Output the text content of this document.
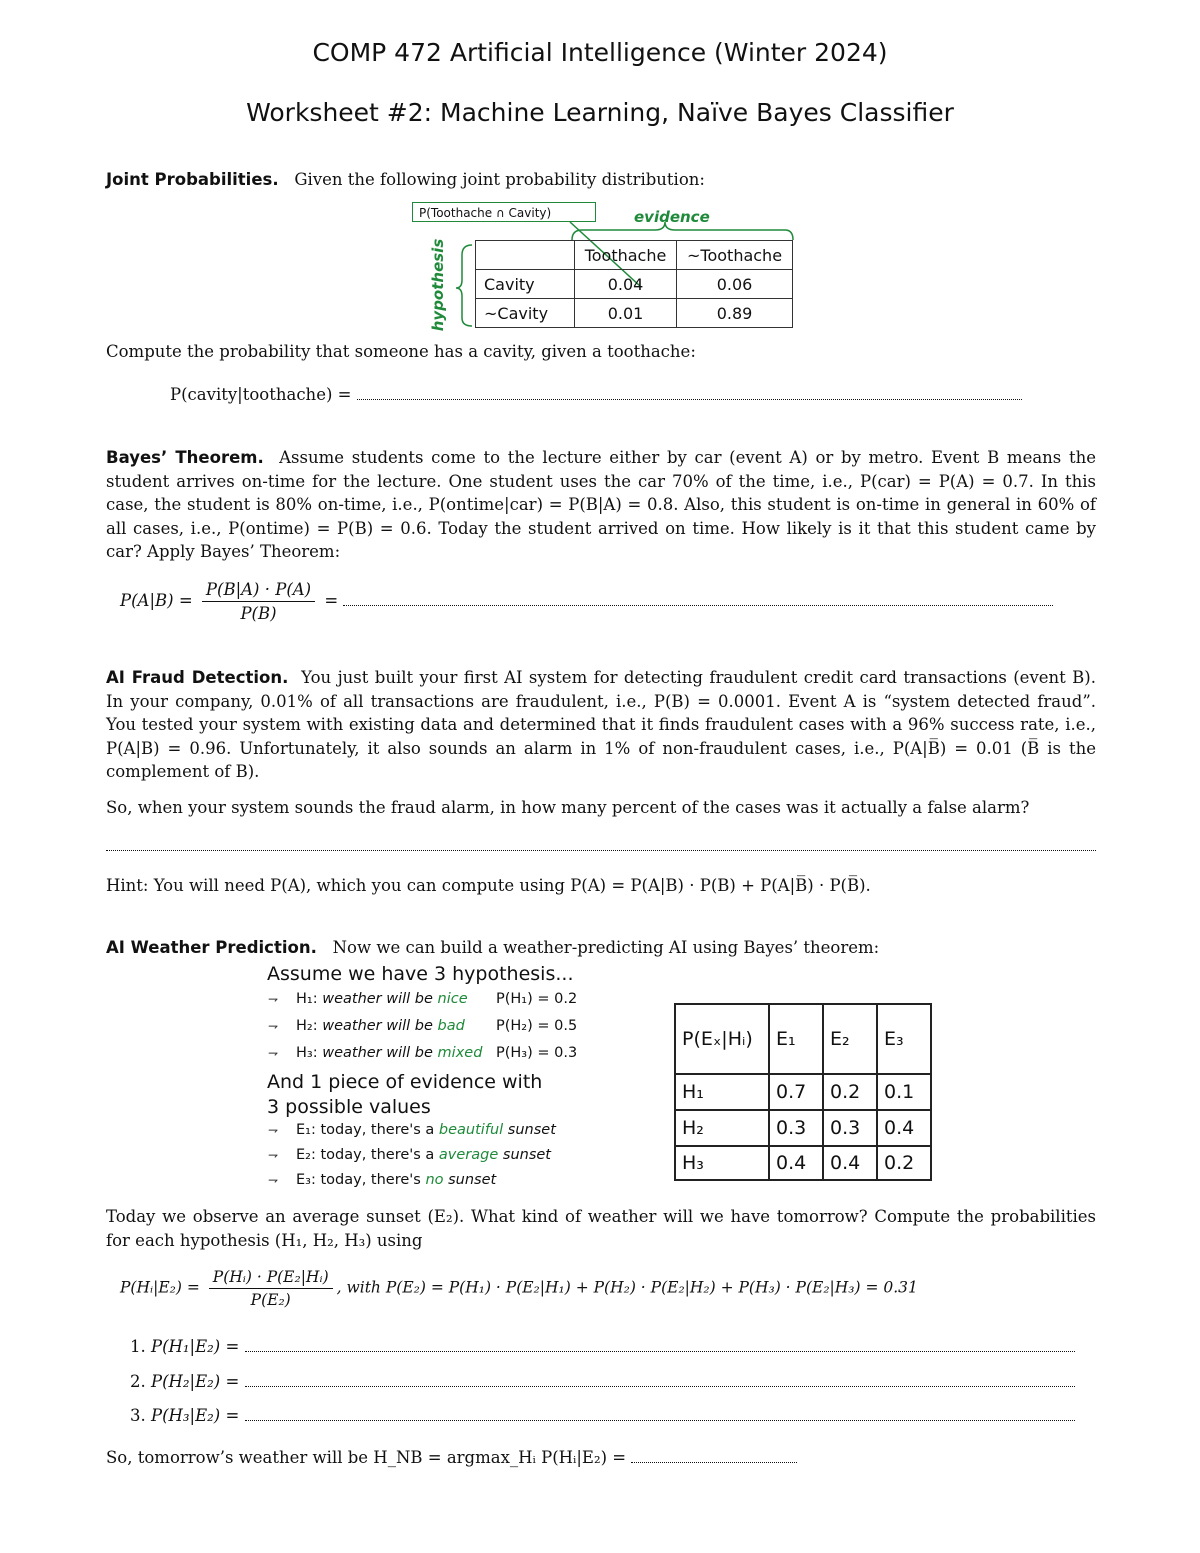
COMP 472 Artificial Intelligence (Winter 2024)
Worksheet #2: Machine Learning, Naïve Bayes Classifier
Joint Probabilities. Given the following joint probability distribution:
P(Toothache ∩ Cavity)	evidence
hypothesis
		Toothache	~Toothache
Cavity	0.04	0.06
~Cavity	0.01	0.89
Compute the probability that someone has a cavity, given a toothache:
P(cavity|toothache) =

Bayes’ Theorem. Assume students come to the lecture either by car (event A) or by metro. Event B means the student arrives on-time for the lecture. One student uses the car 70% of the time, i.e., P(car) = P(A) = 0.7. In this case, the student is 80% on-time, i.e., P(ontime|car) = P(B|A) = 0.8. Also, this student is on-time in general in 60% of all cases, i.e., P(ontime) = P(B) = 0.6. Today the student arrived on time. How likely is it that this student came by car? Apply Bayes’ Theorem:

$P(A|B) = \frac{P(B|A) \cdot P(A)}{P(B)}$ =

AI Fraud Detection. You just built your first AI system for detecting fraudulent credit card transactions (event B). In your company, 0.01% of all transactions are fraudulent, i.e., P(B) = 0.0001. Event A is “system detected fraud”. You tested your system with existing data and determined that it finds fraudulent cases with a 96% success rate, i.e., P(A|B) = 0.96. Unfortunately, it also sounds an alarm in 1% of non-fraudulent cases, i.e., P(A|B̅) = 0.01 (B̅ is the complement of B).

So, when your system sounds the fraud alarm, in how many percent of the cases was it actually a false alarm?
Hint: You will need P(A), which you can compute using P(A) = P(A|B) · P(B) + P(A|B̅) · P(B̅).
AI Weather Prediction. Now we can build a weather-predicting AI using Bayes’ theorem:
Assume we have 3 hypothesis...
⇁ H₁: weather will be nice P(H₁) = 0.2
⇁ H₂: weather will be bad P(H₂) = 0.5
⇁ H₃: weather will be mixed P(H₃) = 0.3
And 1 piece of evidence with
3 possible values
⇁ E₁: today, there's a beautiful sunset
⇁ E₂: today, there's a average sunset
⇁ E₃: today, there's no sunset
P(Eₓ|Hᵢ)	E₁	E₂	E₃
H₁	0.7	0.2	0.1
H₂	0.3	0.3	0.4
H₃	0.4	0.4	0.2
Today we observe an average sunset (E₂). What kind of weather will we have tomorrow? Compute the probabilities for each hypothesis (H₁, H₂, H₃) using
P(Hᵢ|E₂) = $\frac{\text{P(Hᵢ) · P(E₂|Hᵢ)}}{\text{P(E₂)}}$ , with P(E₂) = P(H₁) · P(E₂|H₁) + P(H₂) · P(E₂|H₂) + P(H₃) · P(E₂|H₃) = 0.31
1. P(H₁|E₂) =
2. P(H₂|E₂) =
3. P(H₃|E₂) =
So, tomorrow’s weather will be H_NB = argmax_Hᵢ P(Hᵢ|E₂) =
